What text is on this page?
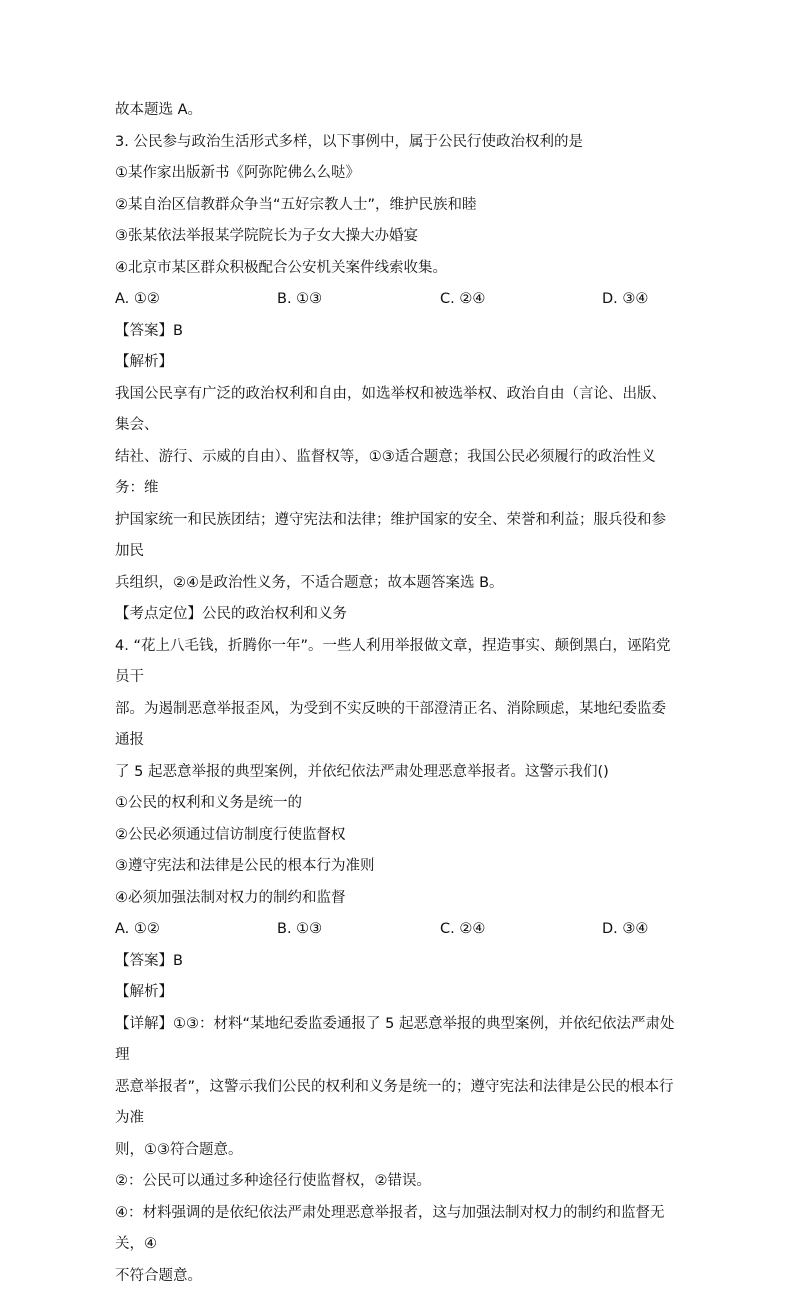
故本题选 A。

3. 公民参与政治生活形式多样，以下事例中，属于公民行使政治权利的是

①某作家出版新书《阿弥陀佛么么哒》

②某自治区信教群众争当“五好宗教人士”，维护民族和睦

③张某依法举报某学院院长为子女大操大办婚宴

④北京市某区群众积极配合公安机关案件线索收集。

A. ①②	B. ①③	C. ②④	D. ③④

【答案】B

【解析】

我国公民享有广泛的政治权利和自由，如选举权和被选举权、政治自由（言论、出版、集会、

结社、游行、示威的自由）、监督权等，①③适合题意；我国公民必须履行的政治性义务：维

护国家统一和民族团结；遵守宪法和法律；维护国家的安全、荣誉和利益；服兵役和参加民

兵组织，②④是政治性义务，不适合题意；故本题答案选 B。

【考点定位】公民的政治权利和义务

4. “花上八毛钱，折腾你一年”。一些人利用举报做文章，捏造事实、颠倒黑白，诬陷党员干

部。为遏制恶意举报歪风，为受到不实反映的干部澄清正名、消除顾虑，某地纪委监委通报

了 5 起恶意举报的典型案例，并依纪依法严肃处理恶意举报者。这警示我们()

①公民的权利和义务是统一的

②公民必须通过信访制度行使监督权

③遵守宪法和法律是公民的根本行为准则

④必须加强法制对权力的制约和监督

A. ①②	B. ①③	C. ②④	D. ③④

【答案】B

【解析】

【详解】①③：材料“某地纪委监委通报了 5 起恶意举报的典型案例，并依纪依法严肃处理

恶意举报者”，这警示我们公民的权利和义务是统一的；遵守宪法和法律是公民的根本行为准

则，①③符合题意。

②：公民可以通过多种途径行使监督权，②错误。

④：材料强调的是依纪依法严肃处理恶意举报者，这与加强法制对权力的制约和监督无关，④

不符合题意。
